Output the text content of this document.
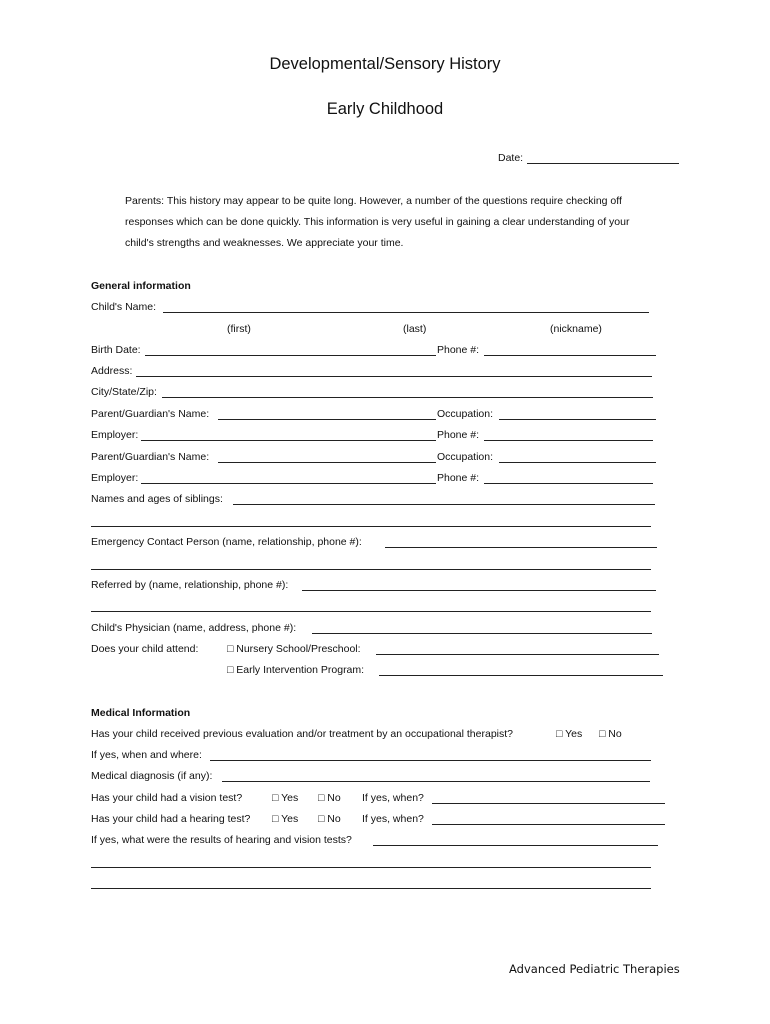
Developmental/Sensory History
Early Childhood
Date:
Parents: This history may appear to be quite long. However, a number of the questions require checking off
responses which can be done quickly. This information is very useful in gaining a clear understanding of your
child's strengths and weaknesses. We appreciate your time.
General information
Child's Name:
(first)	(last)	(nickname)
Birth Date:	Phone #:
Address:
City/State/Zip:
Parent/Guardian's Name:	Occupation:
Employer:	Phone #:
Parent/Guardian's Name:	Occupation:
Employer:	Phone #:
Names and ages of siblings:
Emergency Contact Person (name, relationship, phone #):
Referred by (name, relationship, phone #):
Child's Physician (name, address, phone #):
Does your child attend:	□ Nursery School/Preschool:
□ Early Intervention Program:
Medical Information
Has your child received previous evaluation and/or treatment by an occupational therapist?	□ Yes □ No
If yes, when and where:
Medical diagnosis (if any):
Has your child had a vision test?	□ Yes □ No If yes, when?
Has your child had a hearing test? □ Yes □ No If yes, when?
If yes, what were the results of hearing and vision tests?
Advanced Pediatric Therapies
